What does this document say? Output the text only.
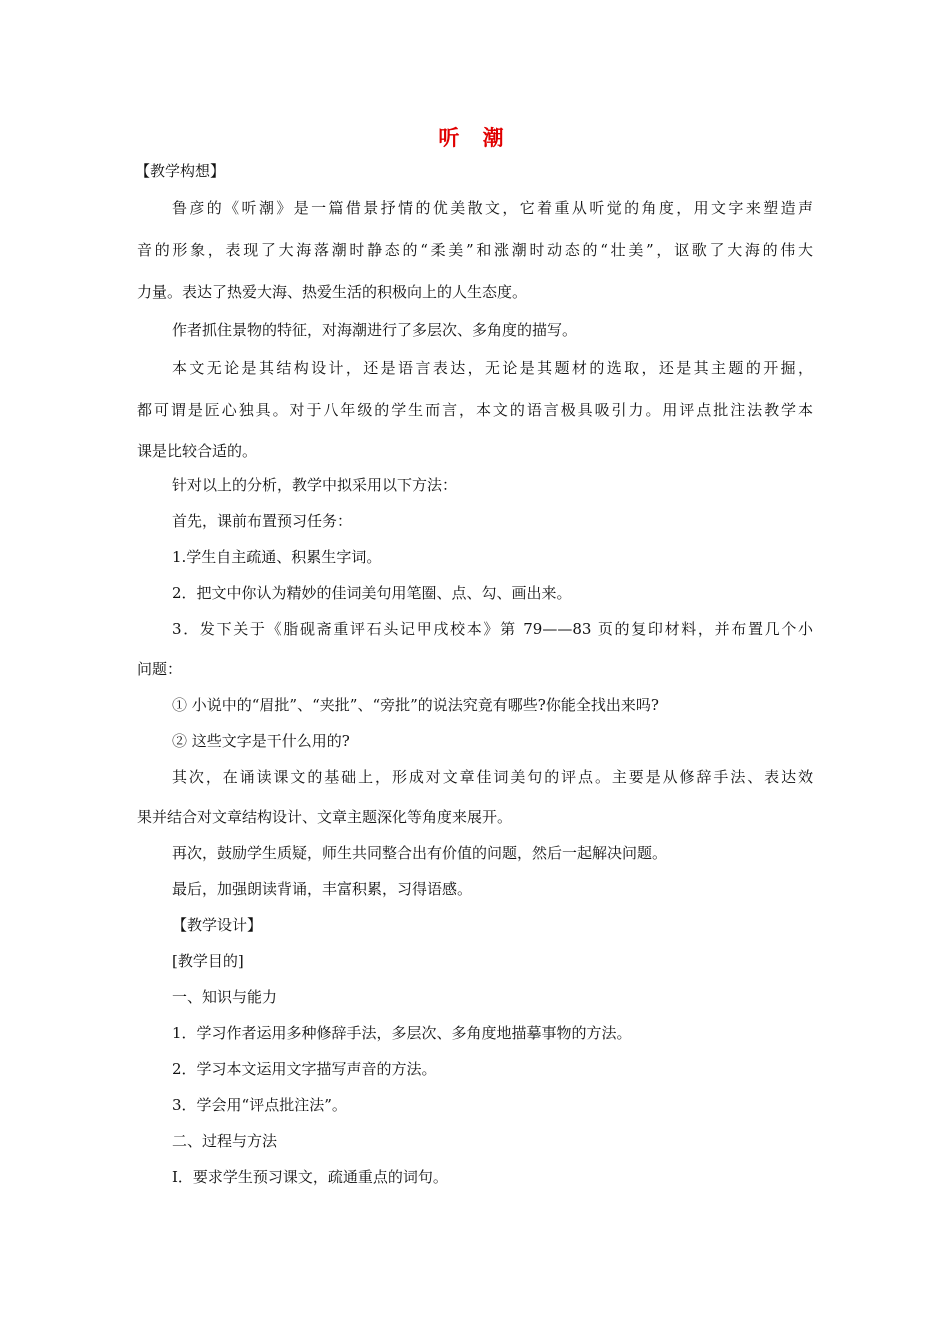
听 潮
【教学构想】
鲁彦的《听潮》是一篇借景抒情的优美散文，它着重从听觉的角度，用文字来塑造声
音的形象，表现了大海落潮时静态的“柔美”和涨潮时动态的“壮美”，讴歌了大海的伟大
力量。表达了热爱大海、热爱生活的积极向上的人生态度。
作者抓住景物的特征，对海潮进行了多层次、多角度的描写。
本文无论是其结构设计，还是语言表达，无论是其题材的选取，还是其主题的开掘，
都可谓是匠心独具。对于八年级的学生而言，本文的语言极具吸引力。用评点批注法教学本
课是比较合适的。
针对以上的分析，教学中拟采用以下方法：
首先，课前布置预习任务：
1.学生自主疏通、积累生字词。
2．把文中你认为精妙的佳词美句用笔圈、点、勾、画出来。
3．发下关于《脂砚斋重评石头记甲戌校本》第 79——83 页的复印材料，并布置几个小
问题：
① 小说中的“眉批”、“夹批”、“旁批”的说法究竟有哪些?你能全找出来吗?
② 这些文字是干什么用的?
其次，在诵读课文的基础上，形成对文章佳词美句的评点。主要是从修辞手法、表达效
果并结合对文章结构设计、文章主题深化等角度来展开。
再次，鼓励学生质疑，师生共同整合出有价值的问题，然后一起解决问题。
最后，加强朗读背诵，丰富积累，习得语感。
【教学设计】
[教学目的]
一、知识与能力
1．学习作者运用多种修辞手法，多层次、多角度地描摹事物的方法。
2．学习本文运用文字描写声音的方法。
3．学会用“评点批注法”。
二、过程与方法
I．要求学生预习课文，疏通重点的词句。
